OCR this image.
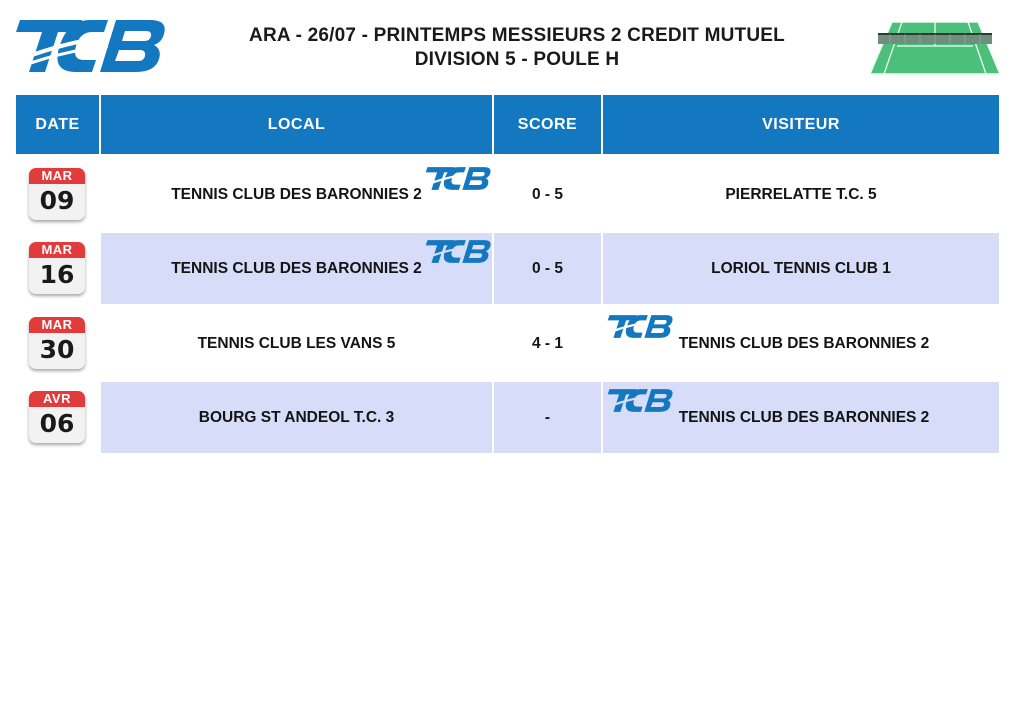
ARA - 26/07 - PRINTEMPS MESSIEURS 2 CREDIT MUTUEL
DIVISION 5 - POULE H
DATE	LOCAL	SCORE	VISITEUR
MAR
09	TENNIS CLUB DES BARONNIES 2	0 - 5	PIERRELATTE T.C. 5
MAR
16	TENNIS CLUB DES BARONNIES 2	0 - 5	LORIOL TENNIS CLUB 1
MAR
30	TENNIS CLUB LES VANS 5	4 - 1	TENNIS CLUB DES BARONNIES 2
AVR
06	BOURG ST ANDEOL T.C. 3	-	TENNIS CLUB DES BARONNIES 2
